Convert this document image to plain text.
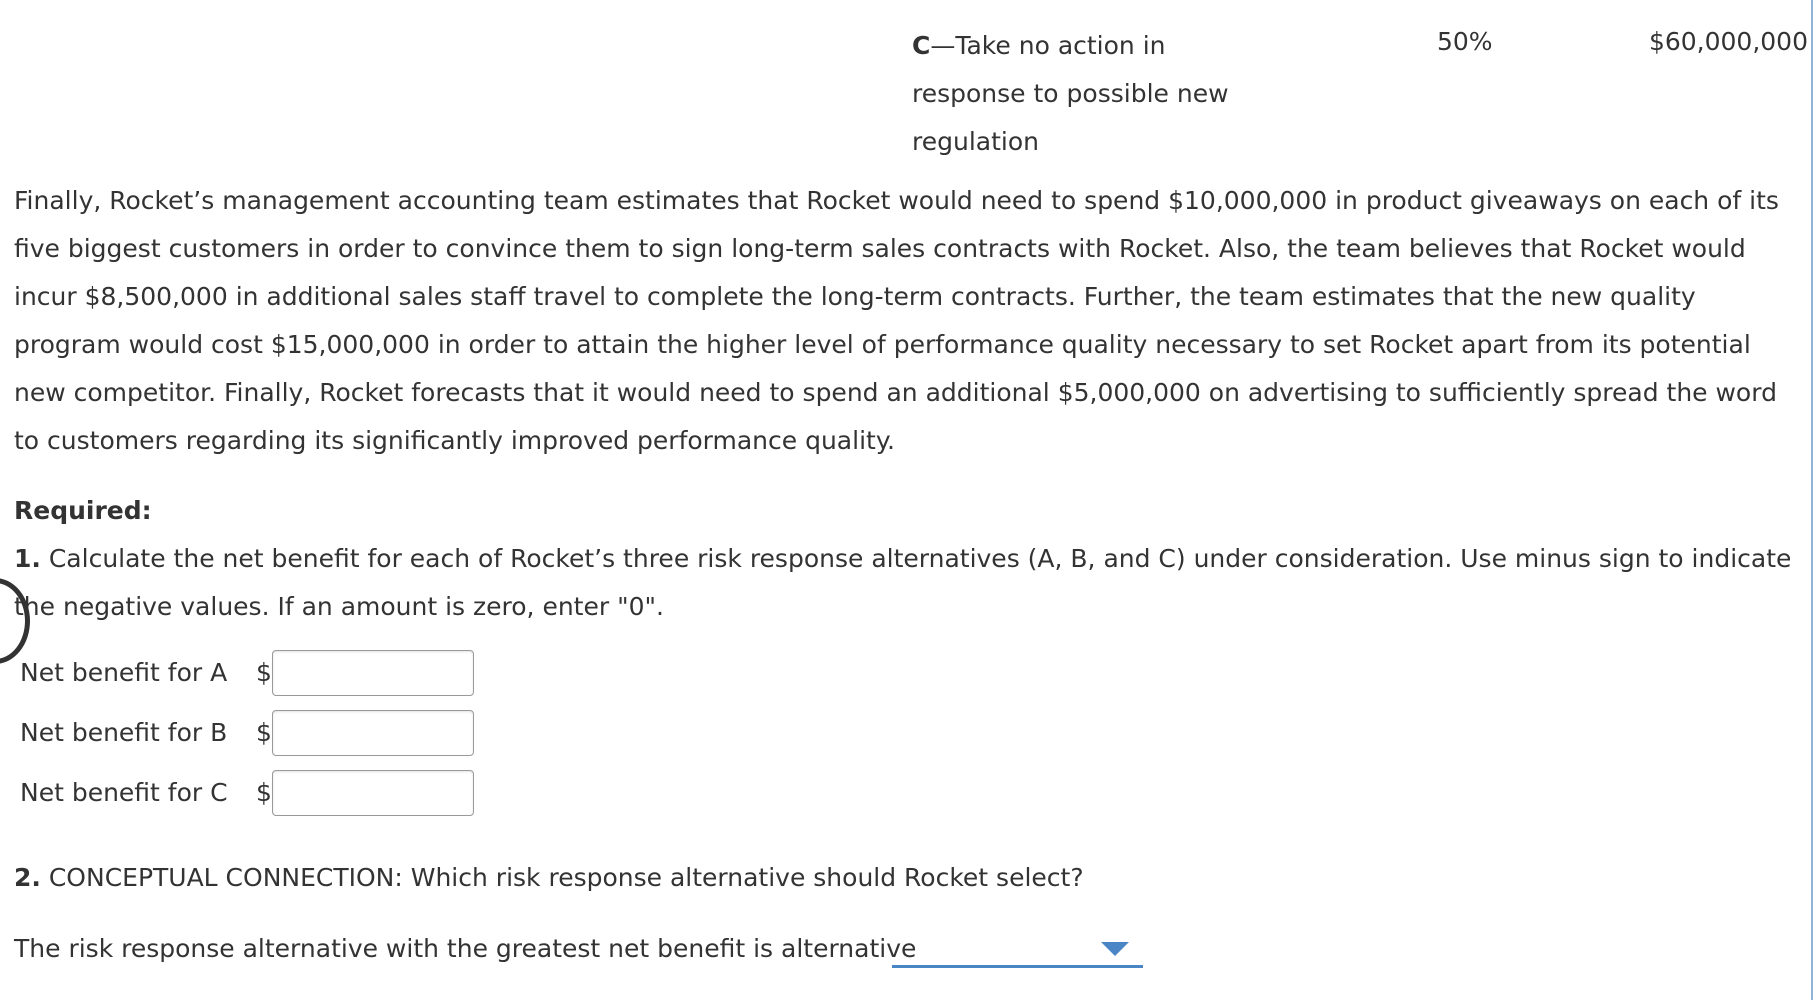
C—Take no action in response to possible new regulation
50%	$60,000,000
Finally, Rocket’s management accounting team estimates that Rocket would need to spend $10,000,000 in product giveaways on each of its five biggest customers in order to convince them to sign long-term sales contracts with Rocket. Also, the team believes that Rocket would incur $8,500,000 in additional sales staff travel to complete the long-term contracts. Further, the team estimates that the new quality program would cost $15,000,000 in order to attain the higher level of performance quality necessary to set Rocket apart from its potential new competitor. Finally, Rocket forecasts that it would need to spend an additional $5,000,000 on advertising to sufficiently spread the word to customers regarding its significantly improved performance quality.
Required:
1. Calculate the net benefit for each of Rocket’s three risk response alternatives (A, B, and C) under consideration. Use minus sign to indicate the negative values. If an amount is zero, enter "0".
Net benefit for A $
Net benefit for B $
Net benefit for C $
2. CONCEPTUAL CONNECTION: Which risk response alternative should Rocket select?
The risk response alternative with the greatest net benefit is alternative
